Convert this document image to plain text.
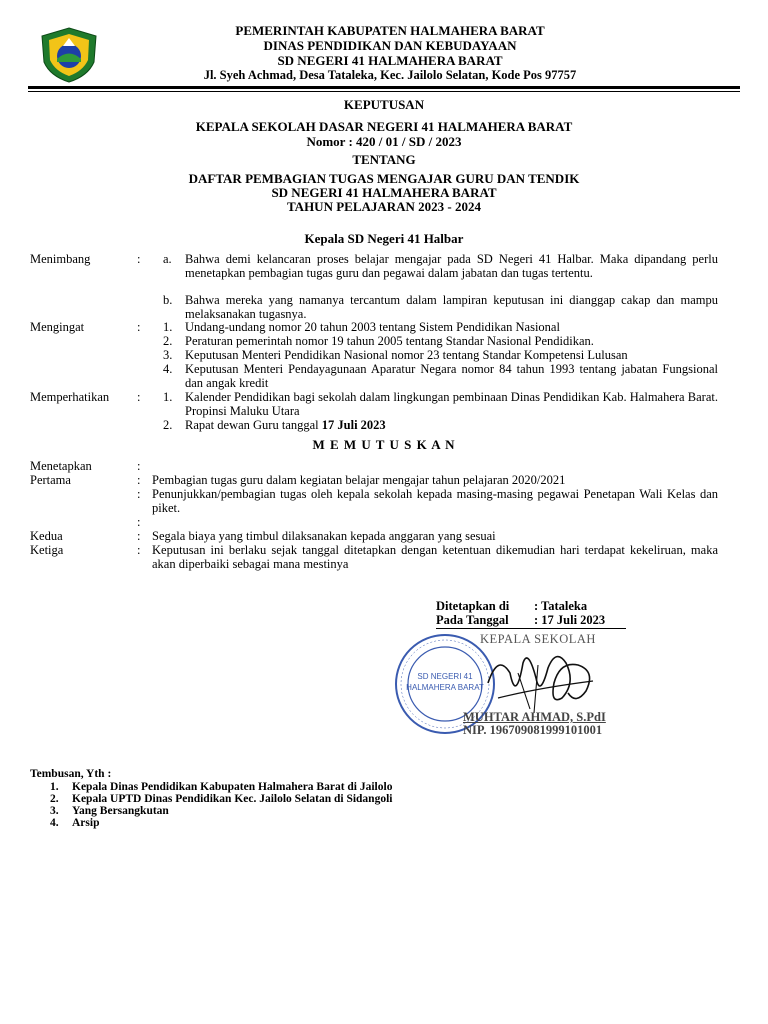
PEMERINTAH KABUPATEN HALMAHERA BARAT
DINAS PENDIDIKAN DAN KEBUDAYAAN
SD NEGERI 41 HALMAHERA BARAT
Jl. Syeh Achmad, Desa Tataleka, Kec. Jailolo Selatan, Kode Pos 97757
KEPUTUSAN
KEPALA SEKOLAH DASAR NEGERI 41 HALMAHERA BARAT
Nomor : 420 / 01 / SD / 2023
TENTANG
DAFTAR PEMBAGIAN TUGAS MENGAJAR GURU DAN TENDIK
SD NEGERI 41 HALMAHERA BARAT
TAHUN PELAJARAN 2023 - 2024
Kepala SD Negeri 41 Halbar
Menimbang	: a. Bahwa demi kelancaran proses belajar mengajar pada SD Negeri 41 Halbar. Maka dipandang perlu menetapkan pembagian tugas guru dan pegawai dalam jabatan dan tugas tertentu.
b. Bahwa mereka yang namanya tercantum dalam lampiran keputusan ini dianggap cakap dan mampu melaksanakan tugasnya.
Mengingat	: 1. Undang-undang nomor 20 tahun 2003 tentang Sistem Pendidikan Nasional
2. Peraturan pemerintah nomor 19 tahun 2005 tentang Standar Nasional Pendidikan.
3. Keputusan Menteri Pendidikan Nasional nomor 23 tentang Standar Kompetensi Lulusan
4. Keputusan Menteri Pendayagunaan Aparatur Negara nomor 84 tahun 1993 tentang jabatan Fungsional dan angak kredit
Memperhatikan : 1. Kalender Pendidikan bagi sekolah dalam lingkungan pembinaan Dinas Pendidikan Kab. Halmahera Barat. Propinsi Maluku Utara
2. Rapat dewan Guru tanggal 17 Juli 2023
M E M U T U S K A N
Menetapkan	:
Pertama	: Pembagian tugas guru dalam kegiatan belajar mengajar tahun pelajaran 2020/2021
: Penunjukkan/pembagian tugas oleh kepala sekolah kepada masing-masing pegawai Penetapan Wali Kelas dan piket.
:
Kedua	: Segala biaya yang timbul dilaksanakan kepada anggaran yang sesuai
Ketiga	: Keputusan ini berlaku sejak tanggal ditetapkan dengan ketentuan dikemudian hari terdapat kekeliruan, maka akan diperbaiki sebagai mana mestinya
Ditetapkan di : Tataleka
Pada Tanggal : 17 Juli 2023
KEPALA SEKOLAH
SD NEGERI 41
HALMAHERA BARAT
MUHTAR AHMAD, S.PdI
NIP. 196709081999101001
Tembusan, Yth :
1. Kepala Dinas Pendidikan Kabupaten Halmahera Barat di Jailolo
2. Kepala UPTD Dinas Pendidikan Kec. Jailolo Selatan di Sidangoli
3. Yang Bersangkutan
4. Arsip
